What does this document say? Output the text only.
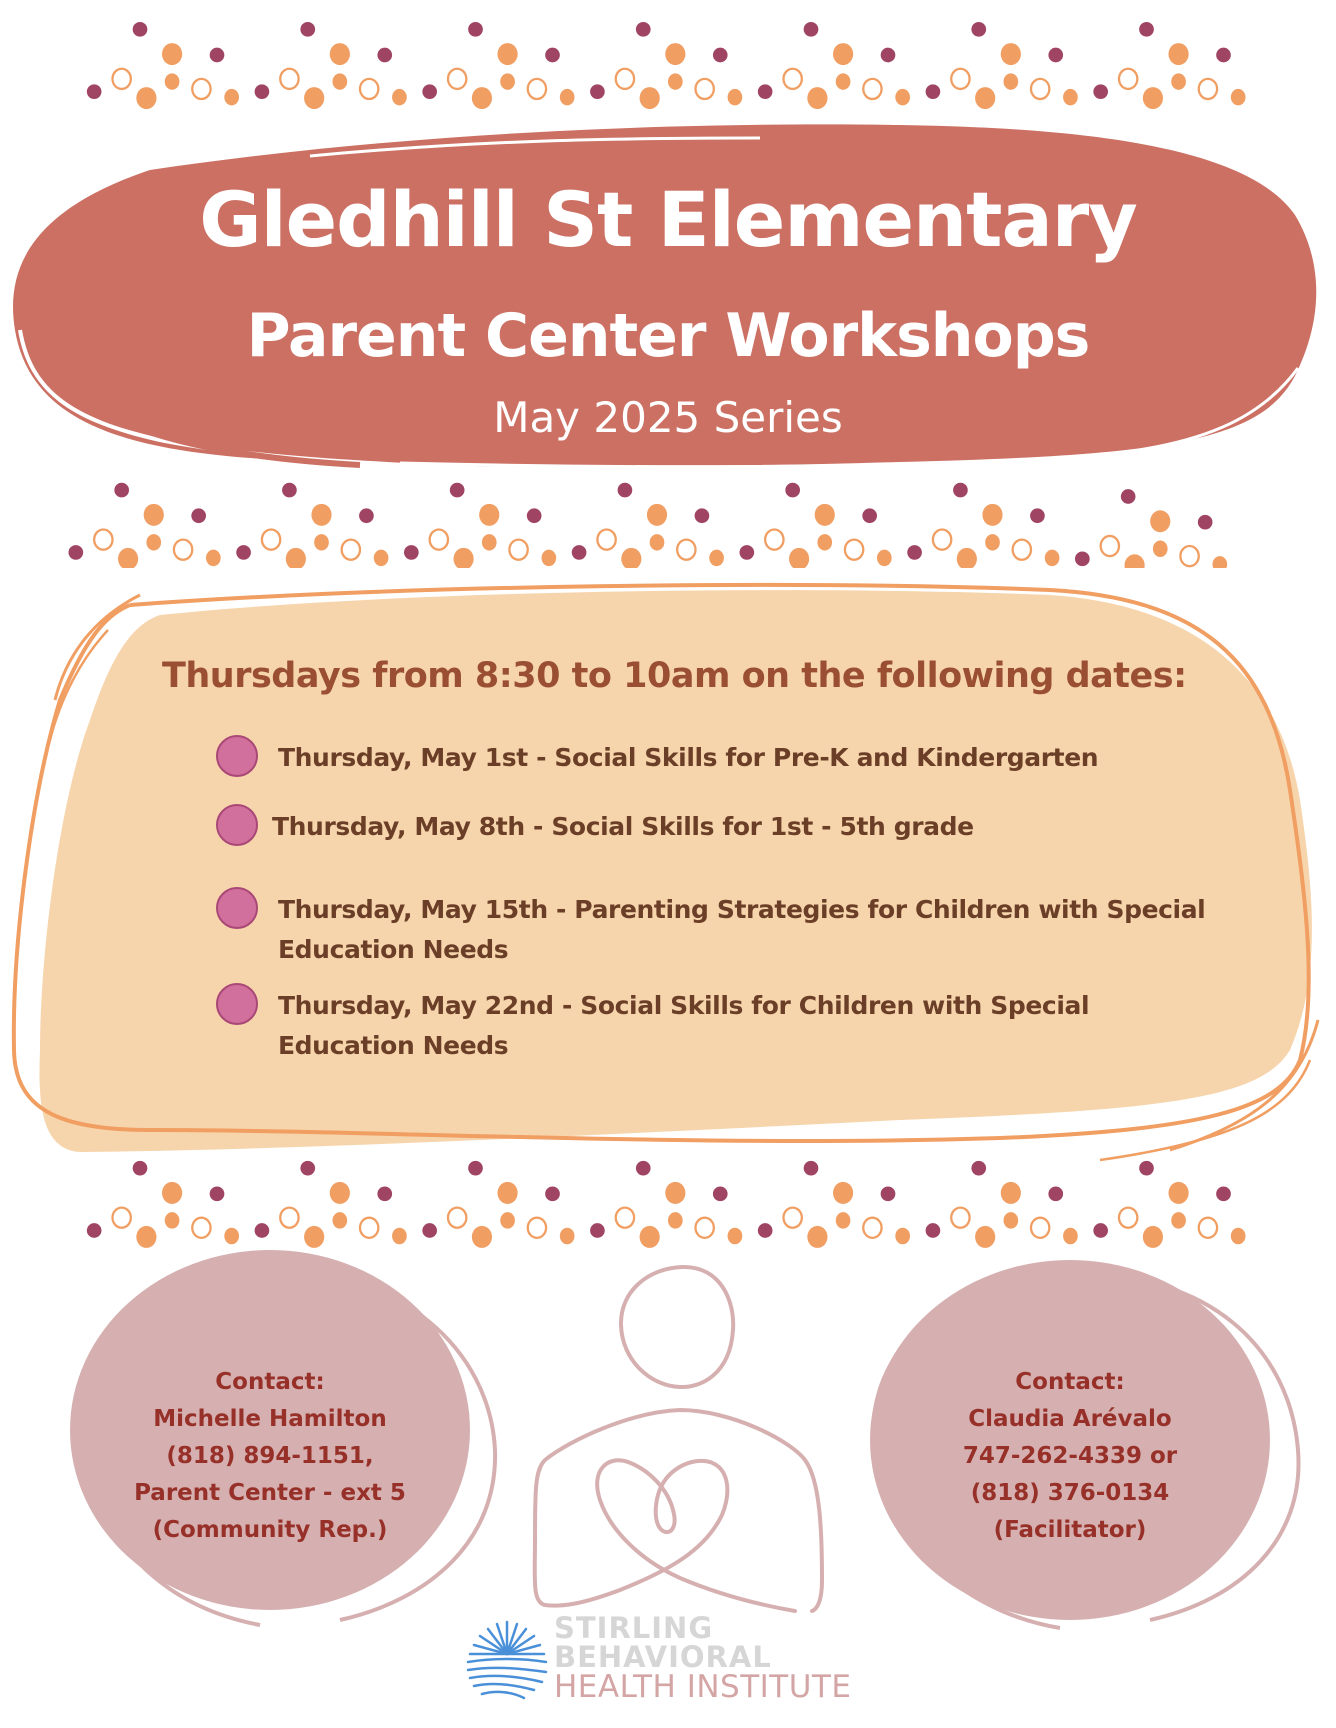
Gledhill St Elementary
Parent Center Workshops
May 2025 Series
Thursdays from 8:30 to 10am on the following dates:
Thursday, May 1st - Social Skills for Pre-K and Kindergarten
Thursday, May 8th - Social Skills for 1st - 5th grade
Thursday, May 15th - Parenting Strategies for Children with Special
Education Needs
Thursday, May 22nd - Social Skills for Children with Special
Education Needs
Contact:
Michelle Hamilton
(818) 894-1151,
Parent Center - ext 5
(Community Rep.)
Contact:
Claudia Arévalo
747-262-4339 or
(818) 376-0134
(Facilitator)
STIRLING
BEHAVIORAL
HEALTH INSTITUTE
